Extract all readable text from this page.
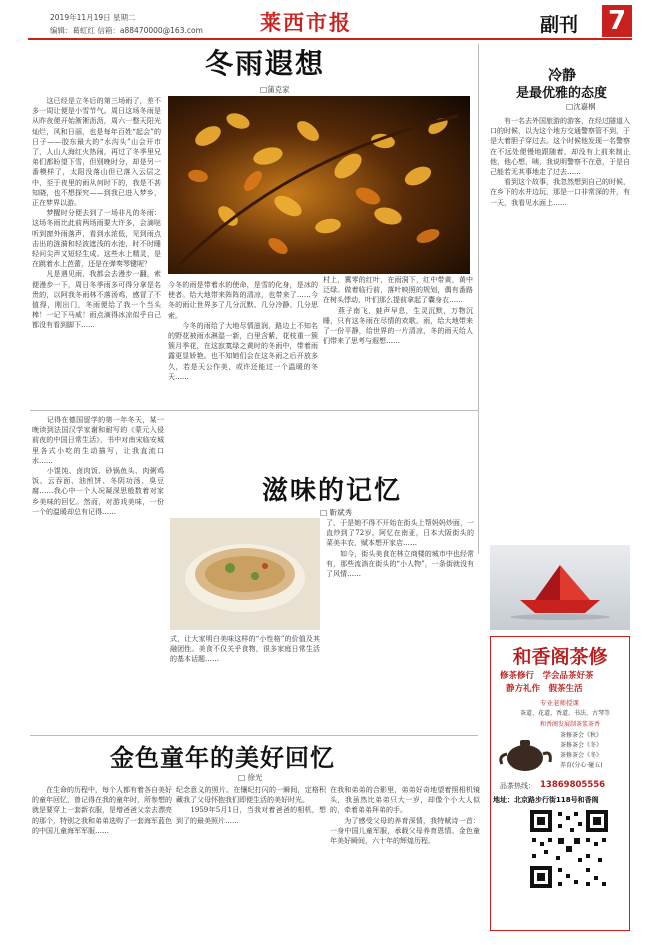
2019年11月19日 星期二
编辑：葛虹红 信箱：a88470000@163.com	莱西市报	副刊 7
冬雨遐想
□蒲克家
　　这已经是立冬后的第三场雨了，差不多一周让便是小雪节气。周日这场冬雨是从昨夜便开始淅淅沥沥，周六一整天阳光灿烂，风和日丽，也是每年百姓“起会”的日子——胶东最大的“水沟头”山会开市了，人山人海红火热闹，再过了冬季里兄弟们都盼望下雪，但别晚时分，却是另一番模样了，太阳没落山但已落入云层之中，至于夜里的雨从何时下的，我是不甚知晓，也不想探究——到我已进入梦乡，正在梦界以游。
　　梦醒时分便去到了一场非凡的冬雨：这场冬雨比此前两场雨要大许多，会滴哒听到窗外雨落声，看到水浓低，见到雨点击出的涟漪和轻波遮浅的水池，时不时睡轻问尖声又短轻生成。这些水上精灵，是在跳着水上芭蕾，还是在弹奏琴键呢？
　　凡是遇见雨，我都会去漫步一翻，索便漫步一下，周日冬季雨多可得分拿是名贵的，以阿我冬雨林不落汤鸡，感冒了不值得，刚出门，冬雨便给了我一个当头棒！一记下马威！雨点滴得冰凉似乎自己都没有看到脚下……
今冬的雨是带着水的使命，是雪的化身，是冰的使者。给大地带来阵阵的清凉，也带来了……今冬的雨让世界多了几分沉默、几分冷静、几分思索。
　　今冬的雨给了大地尽情滋润，路边上不知名的野花被雨水淋湿一新，白里含紫，花枝重一簇簇月季花，在这寂寞绿之黄时的冬雨中，带着雨露更显娇艳。也不知她们会在这冬雨之后开放多久，若是天公作美，或许还能过一个温暖的冬天……
村上，冀零的红叶，在雨洞下，红中带黄，黄中泛绿。做着临行前，落叶映照的规划，偶有番路在树头悸动，叶们那么提前拿起了囊身衣……
　　燕子南飞，蛙声早息，生灵沉默，万物沉睡，只有这冬雨在尽情的欢歌。雨，给大地带来了一份平静，给世界的一片清凉，冬的雨天给人们带来了思考与遐想……
冷静
是最优雅的态度
□沈嘉桐
　　有一名去外国旅游的游客，在经过隧道入口的时候，以为这个地方交通警察管不到，于是大着胆子穿过去。这个时候他发现一名警察在不远处便慢地跟随着，却没有上前来制止他，他心想，咦，我说明警察不在意，于是自己能若无其事地走了过去……
　　看到这个故事，我忽然想到自己的时候，在乡下的水井边玩，那是一口非常深的井，有一天，我看见水面上……
和香阁茶修
修茶修行　学会品茶好茶
静方礼作　假茶生活
专业老师授课
茶道、花道、香道、书法、古琴等
和香阁发展制茶浆茶香
茶修茶会《秋》
茶修茶会《冬》
茶修茶会《冬》
养育(分心·碰五)
品茶热线： 13869805556
地址：北京路步行街118号和香阁
滋味的记忆
□ 靳斌秀
　　记得在德国留学的第一年冬天，某一晚读到法国汉学家谢和耐写的《蒙元入侵前夜的中国日常生活》，书中对南宋临安城里各式小吃的生动描写，让我直流口水……
　　小馄饨、卤肉饭、砂锅鱼头、肉粥鸡饭、云吞面、油煎饼、冬阴功汤、臭豆腐……我心中一个人况凝深思般数着对家乡美味的回忆。然而，对游戏美味，一份一个的温暖却总有记得……
式，让大家明白美味这样的“小性格”的价值及其融团性。美食不仅关乎食物，很多家庭日常生活的基本话题……
了，于是她不得不开始在街头上帮妈妈炒面，一直炒到了72岁。阿忆在南亚，日本大阪街头的菜美丰农，赋本想开家店……
　　如今，街头美食在林立商楼的城市中也经常有，那些流淌在街头的“小人物”，一条街就没有了风情……
金色童年的美好回忆
□ 徐光
　　在生命的历程中，每个人都有着各自美好的童年回忆，曾记得在我的童年时，所参想的就是要穿上一套新衣服，是增爸爸父亲去漂亮的那个，特别之我和弟弟选购了一套海军蓝色的中国儿童海军军服……
纪念意义的照片。在镶纪打闪的一瞬间，定格积藏我了父母怀抱我们即便生活的美好时光。
　　1959年5月1日，当我对着爸爸的相机，想到了的最美照片……
在我和弟弟的合影里，弟弟好奇地望着照相机镜头，我虽然比弟弟只大一岁，却像个小大人似的，牵着弟弟拜弟的手。
　　为了感受父母的养育深情，我特赋诗一首：一身中国儿童军服，承载父母养育恩情。金色童年美好瞬间，六十年的辉煌历程。
